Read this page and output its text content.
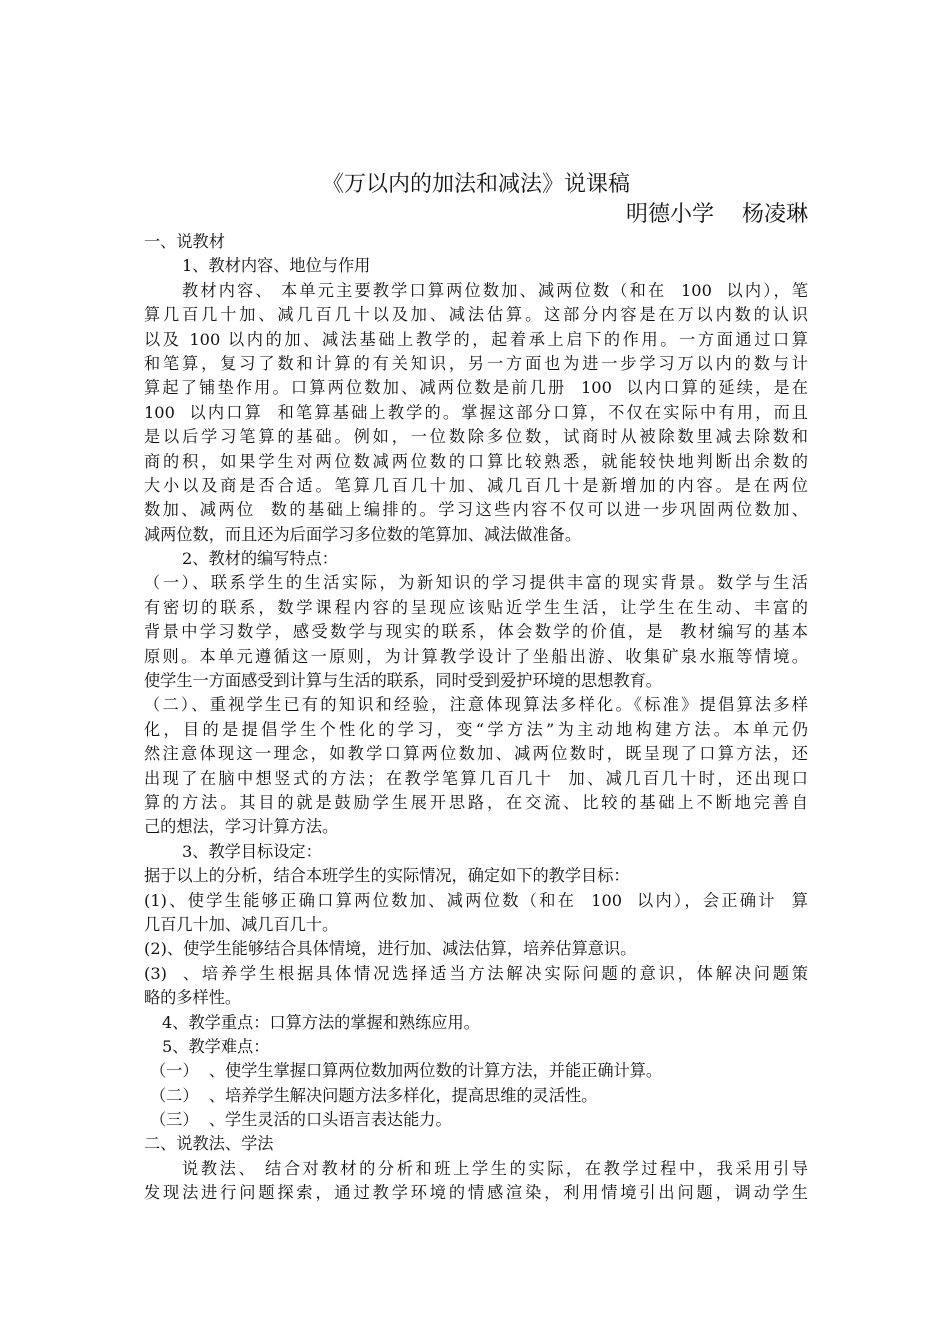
《万以内的加法和减法》说课稿
明德小学    杨凌琳
一、说教材
1、教材内容、地位与作用
教材内容、 本单元主要教学口算两位数加、减两位数（和在  100  以内），笔
算几百几十加、减几百几十以及加、减法估算。这部分内容是在万以内数的认识
以及 100 以内的加、减法基础上教学的，起着承上启下的作用。一方面通过口算
和笔算，复习了数和计算的有关知识，另一方面也为进一步学习万以内的数与计
算起了铺垫作用。口算两位数加、减两位数是前几册  100  以内口算的延续，是在
100  以内口算  和笔算基础上教学的。掌握这部分口算，不仅在实际中有用，而且
是以后学习笔算的基础。例如，一位数除多位数，试商时从被除数里减去除数和
商的积，如果学生对两位数减两位数的口算比较熟悉，就能较快地判断出余数的
大小以及商是否合适。笔算几百几十加、减几百几十是新增加的内容。是在两位
数加、减两位  数的基础上编排的。学习这些内容不仅可以进一步巩固两位数加、
减两位数，而且还为后面学习多位数的笔算加、减法做准备。
2、教材的编写特点：
（一）、联系学生的生活实际，为新知识的学习提供丰富的现实背景。数学与生活
有密切的联系，数学课程内容的呈现应该贴近学生生活，让学生在生动、丰富的
背景中学习数学，感受数学与现实的联系，体会数学的价值，是  教材编写的基本
原则。本单元遵循这一原则，为计算教学设计了坐船出游、收集矿泉水瓶等情境。
使学生一方面感受到计算与生活的联系，同时受到爱护环境的思想教育。
（二）、重视学生已有的知识和经验，注意体现算法多样化。《标准》提倡算法多样
化，目的是提倡学生个性化的学习，变“学方法”为主动地构建方法。本单元仍
然注意体现这一理念，如教学口算两位数加、减两位数时，既呈现了口算方法，还
出现了在脑中想竖式的方法；在教学笔算几百几十  加、减几百几十时，还出现口
算的方法。其目的就是鼓励学生展开思路，在交流、比较的基础上不断地完善自
己的想法，学习计算方法。
3、教学目标设定：
据于以上的分析，结合本班学生的实际情况，确定如下的教学目标：
(1)、使学生能够正确口算两位数加、减两位数（和在  100  以内），会正确计  算
几百几十加、减几百几十。
(2)、使学生能够结合具体情境，进行加、减法估算，培养估算意识。
(3)  、培养学生根据具体情况选择适当方法解决实际问题的意识，体解决问题策
略的多样性。
4、教学重点：口算方法的掌握和熟练应用。
5、教学难点：
（一）  、使学生掌握口算两位数加两位数的计算方法，并能正确计算。
（二）  、培养学生解决问题方法多样化，提高思维的灵活性。
（三）  、学生灵活的口头语言表达能力。
二、说教法、学法
说教法、 结合对教材的分析和班上学生的实际，在教学过程中，我采用引导
发现法进行问题探索，通过教学环境的情感渲染，利用情境引出问题，调动学生
